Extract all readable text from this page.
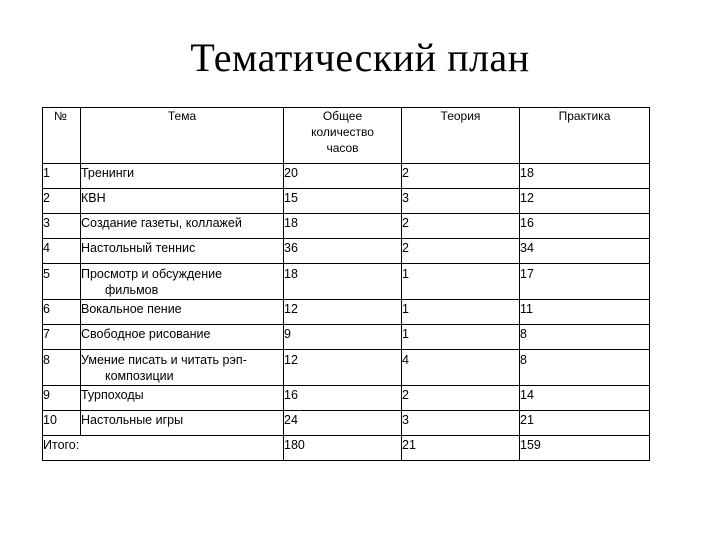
Тематический план
№	Тема	Общее
количество
часов	Теория	Практика
1	Тренинги	20	2	18
2	КВН	15	3	12
3	Создание газеты, коллажей	18	2	16
4	Настольный теннис	36	2	34
5	Просмотр и обсуждение
фильмов	18	1	17
6	Вокальное пение	12	1	11
7	Свободное рисование	9	1	8
8	Умение писать и читать рэп-
композиции	12	4	8
9	Турпоходы	16	2	14
10	Настольные игры	24	3	21
Итого:		180	21	159
